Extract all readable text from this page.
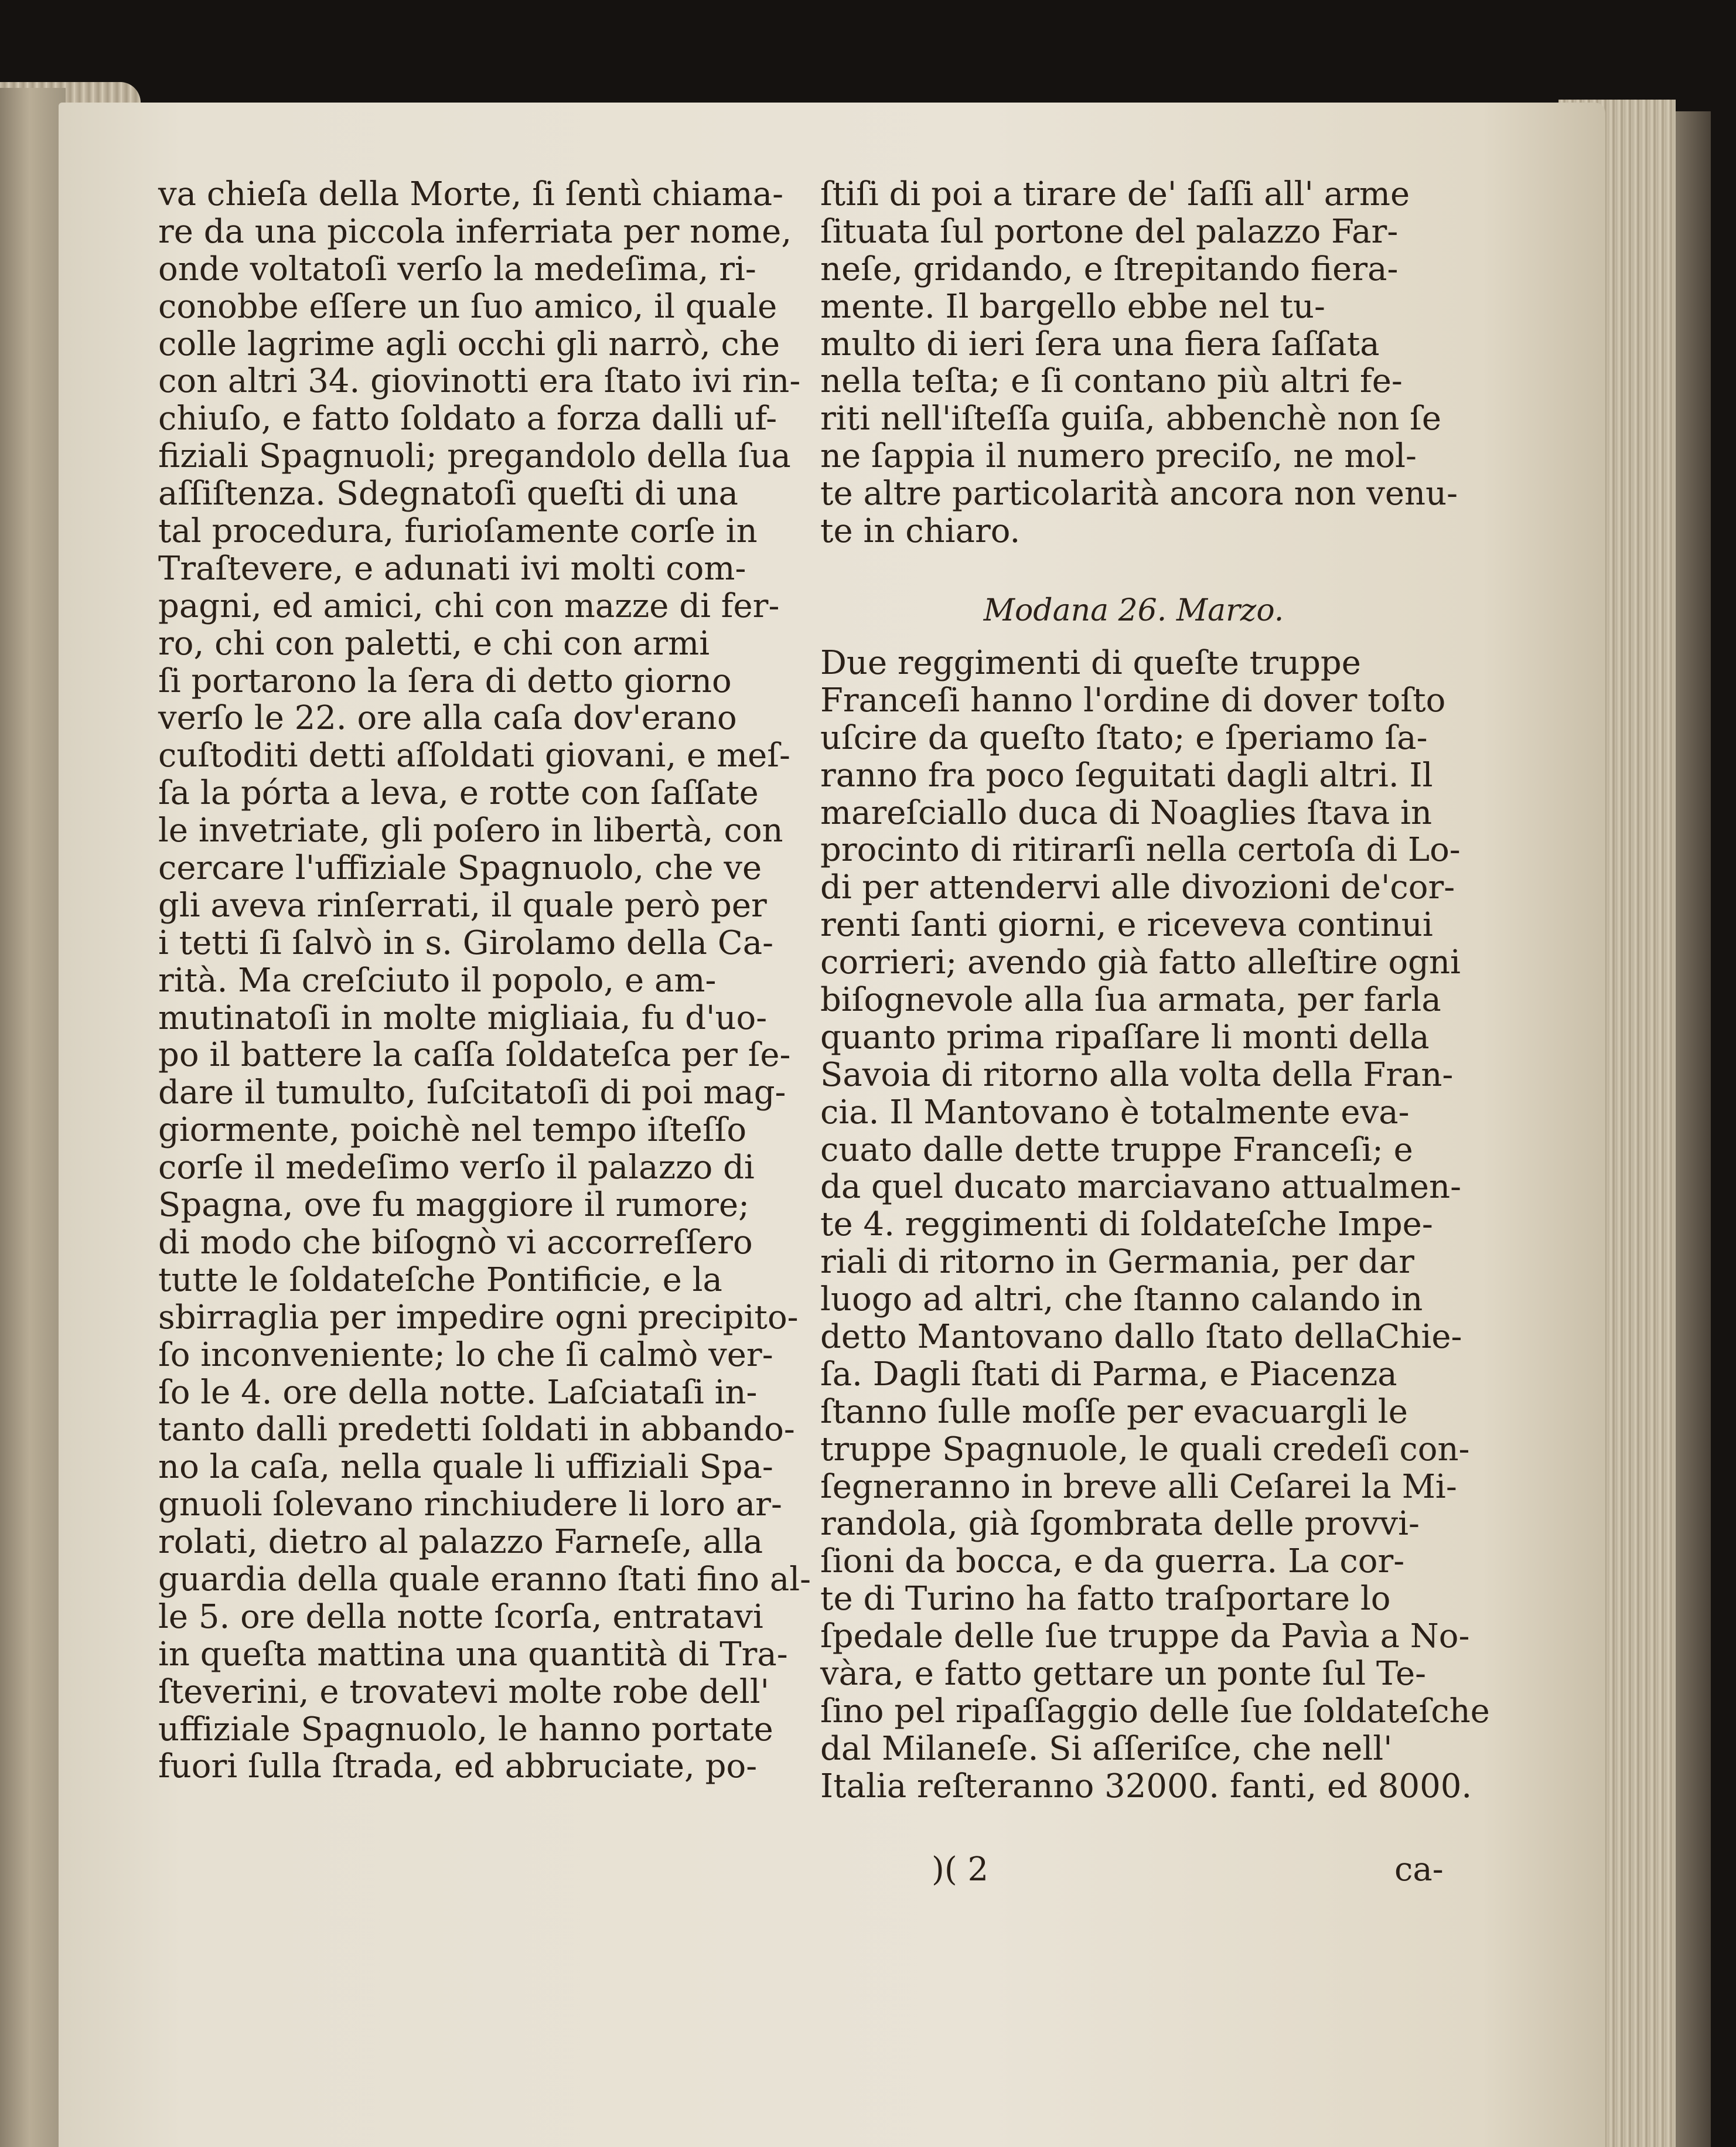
va chieſa della Morte, ſi ſentì chiama-
re da una piccola inferriata per nome,
onde voltatoſi verſo la medeſima, ri-
conobbe eſſere un ſuo amico, il quale
colle lagrime agli occhi gli narrò, che
con altri 34. giovinotti era ſtato ivi rin-
chiuſo, e fatto ſoldato a forza dalli uf-
fiziali Spagnuoli; pregandolo della ſua
aſſiſtenza. Sdegnatoſi queſti di una
tal procedura, furioſamente corſe in
Traſtevere, e adunati ivi molti com-
pagni, ed amici, chi con mazze di fer-
ro, chi con paletti, e chi con armi
ſi portarono la ſera di detto giorno
verſo le 22. ore alla caſa dov'erano
cuſtoditi detti aſſoldati giovani, e meſ-
ſa la pórta a leva, e rotte con ſaſſate
le invetriate, gli poſero in libertà, con
cercare l'uffiziale Spagnuolo, che ve
gli aveva rinſerrati, il quale però per
i tetti ſi ſalvò in s. Girolamo della Ca-
rità. Ma creſciuto il popolo, e am-
mutinatoſi in molte migliaia, fu d'uo-
po il battere la caſſa ſoldateſca per ſe-
dare il tumulto, ſuſcitatoſi di poi mag-
giormente, poichè nel tempo iſteſſo
corſe il medeſimo verſo il palazzo di
Spagna, ove fu maggiore il rumore;
di modo che biſognò vi accorreſſero
tutte le ſoldateſche Pontificie, e la
sbirraglia per impedire ogni precipito-
ſo inconveniente; lo che ſi calmò ver-
ſo le 4. ore della notte. Laſciataſi in-
tanto dalli predetti ſoldati in abbando-
no la caſa, nella quale li uffiziali Spa-
gnuoli ſolevano rinchiudere li loro ar-
rolati, dietro al palazzo Farneſe, alla
guardia della quale eranno ſtati fino al-
le 5. ore della notte ſcorſa, entratavi
in queſta mattina una quantità di Tra-
ſteverini, e trovatevi molte robe dell'
uffiziale Spagnuolo, le hanno portate
fuori ſulla ſtrada, ed abbruciate, po-
ſtiſi di poi a tirare de' ſaſſi all' arme
ſituata ſul portone del palazzo Far-
neſe, gridando, e ſtrepitando fiera-
mente. Il bargello ebbe nel tu-
multo di ieri ſera una fiera ſaſſata
nella teſta; e ſi contano più altri fe-
riti nell'iſteſſa guiſa, abbenchè non ſe
ne ſappia il numero preciſo, ne mol-
te altre particolarità ancora non venu-
te in chiaro.
Modana 26. Marzo.
Due reggimenti di queſte truppe
Franceſi hanno l'ordine di dover toſto
uſcire da queſto ſtato; e ſperiamo ſa-
ranno fra poco ſeguitati dagli altri. Il
mareſciallo duca di Noaglies ſtava in
procinto di ritirarſi nella certoſa di Lo-
di per attendervi alle divozioni de'cor-
renti ſanti giorni, e riceveva continui
corrieri; avendo già fatto alleſtire ogni
biſognevole alla ſua armata, per farla
quanto prima ripaſſare li monti della
Savoia di ritorno alla volta della Fran-
cia. Il Mantovano è totalmente eva-
cuato dalle dette truppe Franceſi; e
da quel ducato marciavano attualmen-
te 4. reggimenti di ſoldateſche Impe-
riali di ritorno in Germania, per dar
luogo ad altri, che ſtanno calando in
detto Mantovano dallo ſtato dellaChie-
ſa. Dagli ſtati di Parma, e Piacenza
ſtanno ſulle moſſe per evacuargli le
truppe Spagnuole, le quali credeſi con-
ſegneranno in breve alli Ceſarei la Mi-
randola, già ſgombrata delle provvi-
ſioni da bocca, e da guerra. La cor-
te di Turino ha fatto traſportare lo
ſpedale delle ſue truppe da Pavìa a No-
vàra, e fatto gettare un ponte ſul Te-
ſino pel ripaſſaggio delle ſue ſoldateſche
dal Milaneſe. Si aſſeriſce, che nell'
Italia reſteranno 32000. fanti, ed 8000.
)( 2	ca-
